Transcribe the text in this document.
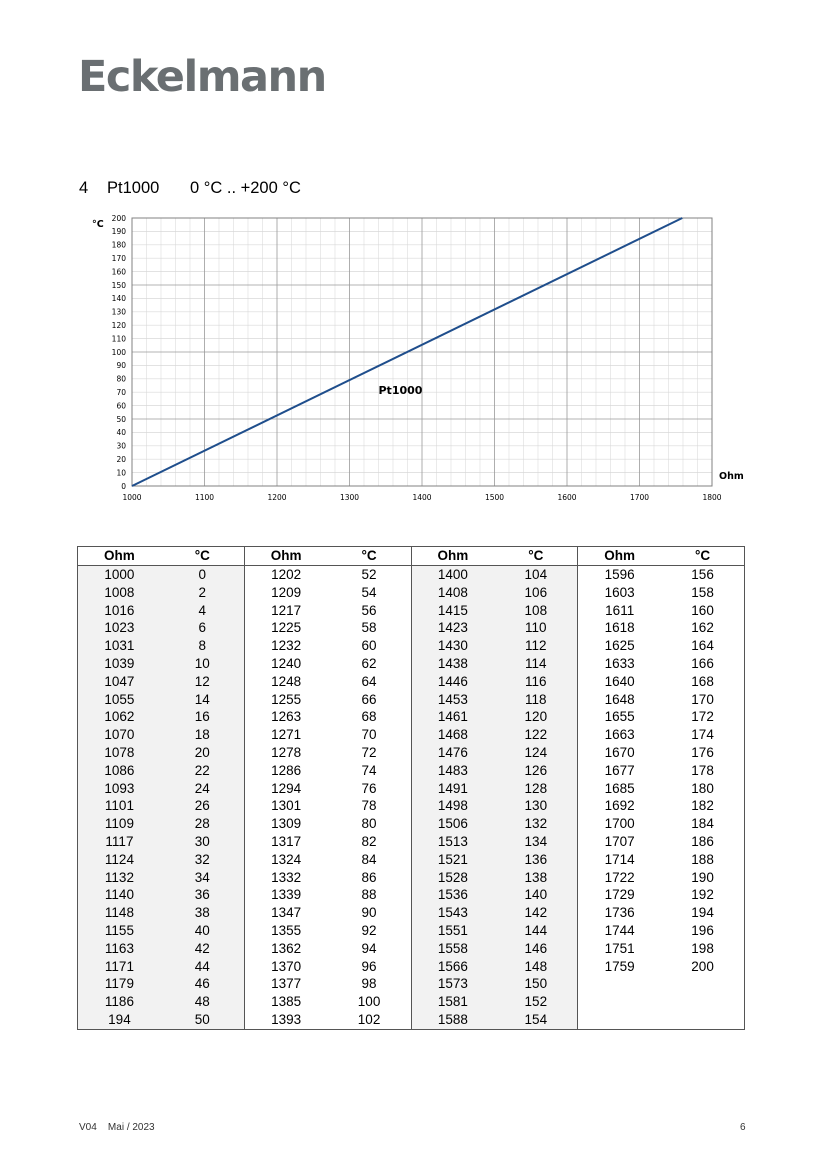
Eckelmann
4 Pt1000 0 °C .. +200 °C
0
10
20
30
40
50
60
70
80
90
100
110
120
130
140
150
160
170
180
190
200
1000	1100	1200	1300	1400	1500	1600	1700	1800
°C
Ohm
Pt1000
Ohm	°C	Ohm	°C	Ohm	°C	Ohm	°C
1000	0	1202	52	1400	104	1596	156
1008	2	1209	54	1408	106	1603	158
1016	4	1217	56	1415	108	1611	160
1023	6	1225	58	1423	110	1618	162
1031	8	1232	60	1430	112	1625	164
1039	10	1240	62	1438	114	1633	166
1047	12	1248	64	1446	116	1640	168
1055	14	1255	66	1453	118	1648	170
1062	16	1263	68	1461	120	1655	172
1070	18	1271	70	1468	122	1663	174
1078	20	1278	72	1476	124	1670	176
1086	22	1286	74	1483	126	1677	178
1093	24	1294	76	1491	128	1685	180
1101	26	1301	78	1498	130	1692	182
1109	28	1309	80	1506	132	1700	184
1117	30	1317	82	1513	134	1707	186
1124	32	1324	84	1521	136	1714	188
1132	34	1332	86	1528	138	1722	190
1140	36	1339	88	1536	140	1729	192
1148	38	1347	90	1543	142	1736	194
1155	40	1355	92	1551	144	1744	196
1163	42	1362	94	1558	146	1751	198
1171	44	1370	96	1566	148	1759	200
1179	46	1377	98	1573	150		
1186	48	1385	100	1581	152		
194	50	1393	102	1588	154		
V04 Mai / 2023	6
